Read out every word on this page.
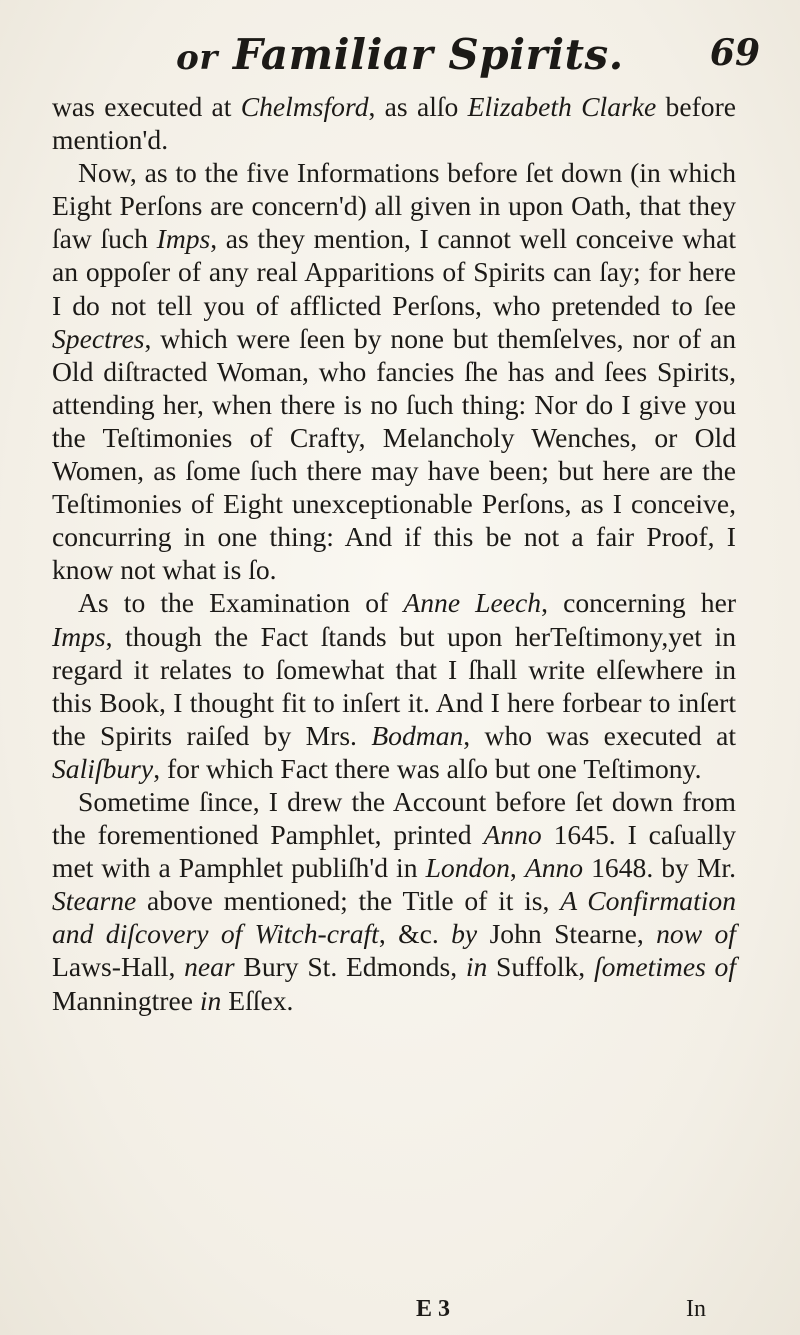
or Familiar Spirits.	69

was executed at Chelmsford, as alſo Elizabeth Clarke before mention'd.

Now, as to the five Informations before ſet down (in which Eight Perſons are concern'd) all given in upon Oath, that they ſaw ſuch Imps, as they mention, I cannot well conceive what an oppoſer of any real Apparitions of Spirits can ſay; for here I do not tell you of afflicted Perſons, who pretended to ſee Spectres, which were ſeen by none but themſelves, nor of an Old diſtracted Woman, who fancies ſhe has and ſees Spirits, attending her, when there is no ſuch thing: Nor do I give you the Teſtimonies of Crafty, Melancholy Wenches, or Old Women, as ſome ſuch there may have been; but here are the Teſtimonies of Eight unexceptionable Perſons, as I conceive, concurring in one thing: And if this be not a fair Proof, I know not what is ſo.

As to the Examination of Anne Leech, concerning her Imps, though the Fact ſtands but upon herTeſtimony,yet in regard it relates to ſomewhat that I ſhall write elſewhere in this Book, I thought fit to inſert it. And I here forbear to inſert the Spirits raiſed by Mrs. Bodman, who was executed at Saliſbury, for which Fact there was alſo but one Teſtimony.

Sometime ſince, I drew the Account before ſet down from the forementioned Pamphlet, printed Anno 1645. I caſually met with a Pamphlet publiſh'd in London, Anno 1648. by Mr. Stearne above mentioned; the Title of it is, A Confirmation and diſcovery of Witch-craft, &c. by John Stearne, now of Laws-Hall, near Bury St. Edmonds, in Suffolk, ſometimes of Manningtree in Eſſex.

E 3	In
